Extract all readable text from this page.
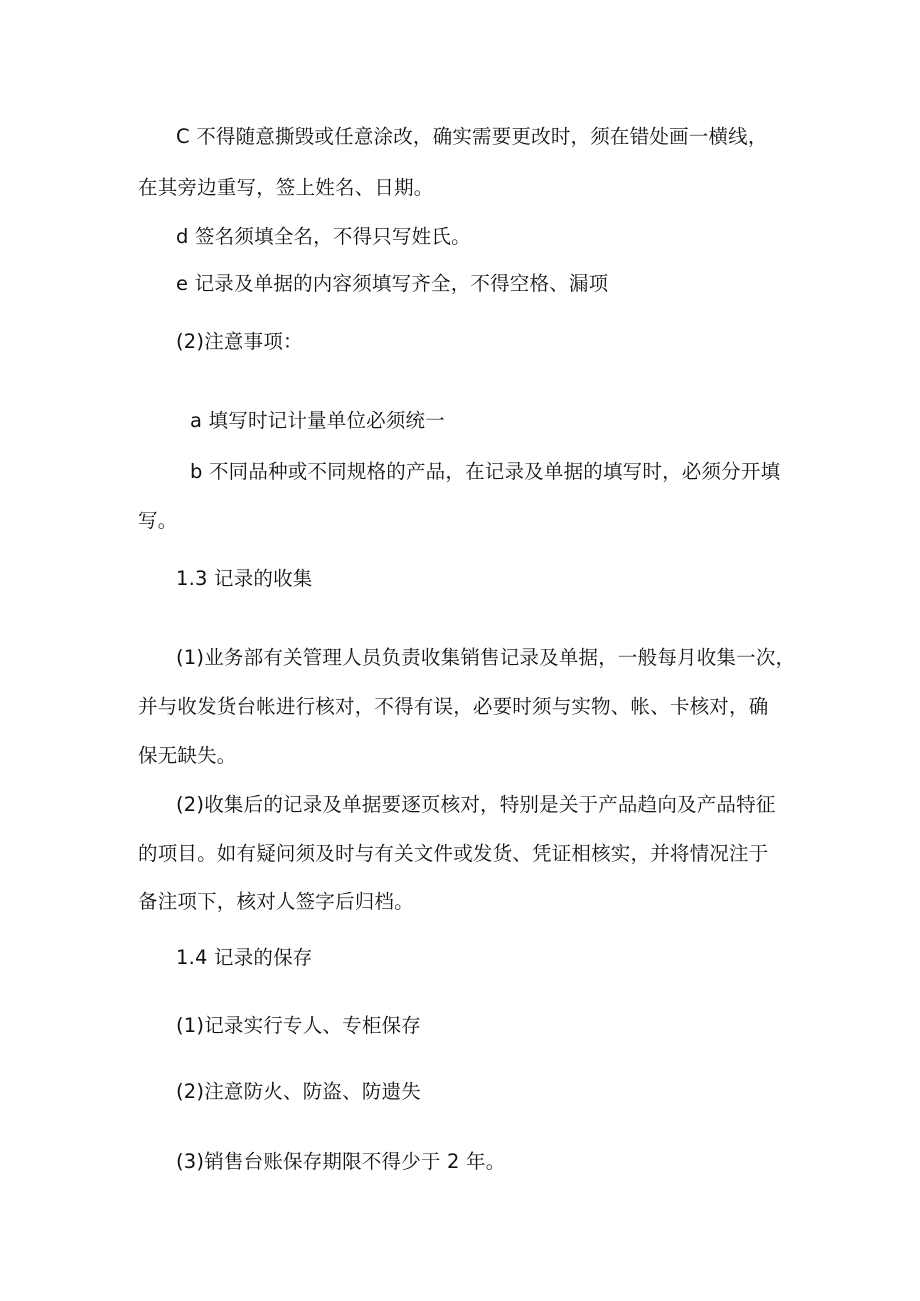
C 不得随意撕毁或任意涂改，确实需要更改时，须在错处画一横线，
在其旁边重写，签上姓名、日期。
d 签名须填全名，不得只写姓氏。
e 记录及单据的内容须填写齐全，不得空格、漏项
(2)注意事项：
a 填写时记计量单位必须统一
b 不同品种或不同规格的产品，在记录及单据的填写时，必须分开填
写。
1.3 记录的收集
(1)业务部有关管理人员负责收集销售记录及单据，一般每月收集一次，
并与收发货台帐进行核对，不得有误，必要时须与实物、帐、卡核对，确
保无缺失。
(2)收集后的记录及单据要逐页核对，特别是关于产品趋向及产品特征
的项目。如有疑问须及时与有关文件或发货、凭证相核实，并将情况注于
备注项下，核对人签字后归档。
1.4 记录的保存
(1)记录实行专人、专柜保存
(2)注意防火、防盗、防遗失
(3)销售台账保存期限不得少于 2 年。
